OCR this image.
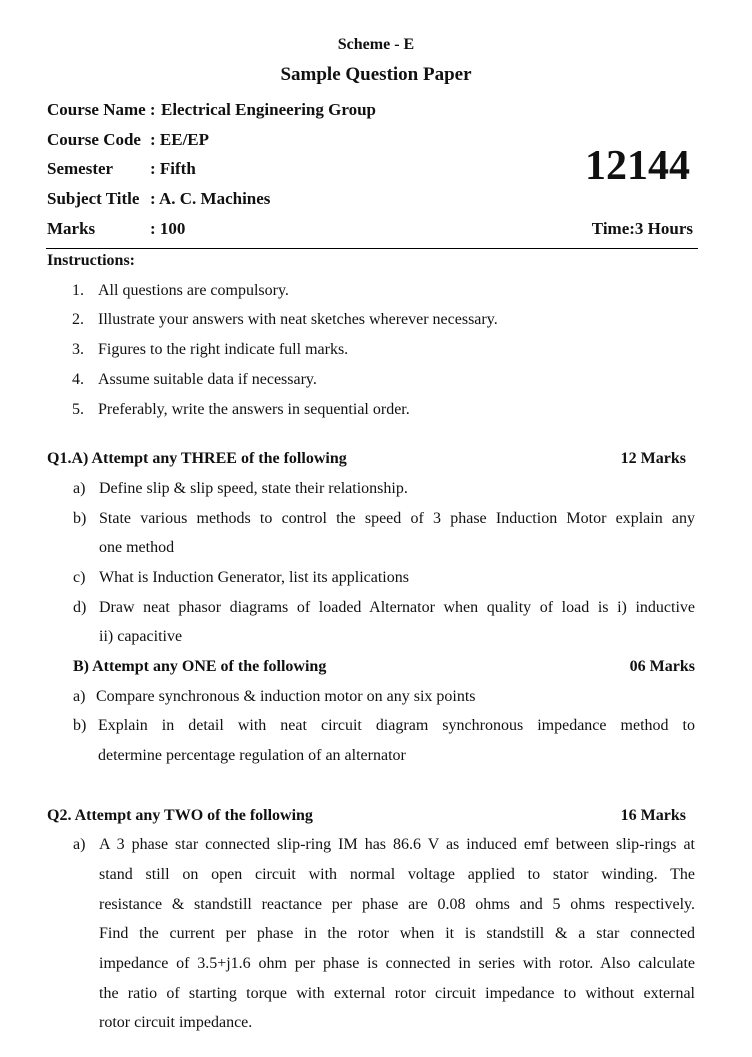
Scheme - E
Sample Question Paper
Course Name : Electrical Engineering Group
Course Code : EE/EP
Semester : Fifth
Subject Title : A. C. Machines
Marks	: 100	Time:3 Hours
12144
Instructions:
1. All questions are compulsory.
2. Illustrate your answers with neat sketches wherever necessary.
3. Figures to the right indicate full marks.
4. Assume suitable data if necessary.
5. Preferably, write the answers in sequential order.
Q1.A) Attempt any THREE of the following	12 Marks
a) Define slip & slip speed, state their relationship.
b) State various methods to control the speed of 3 phase Induction Motor explain any
one method
c) What is Induction Generator, list its applications
d) Draw neat phasor diagrams of loaded Alternator when quality of load is i) inductive
ii) capacitive
B) Attempt any ONE of the following	06 Marks
a) Compare synchronous & induction motor on any six points
b) Explain in detail with neat circuit diagram synchronous impedance method to
determine percentage regulation of an alternator
Q2. Attempt any TWO of the following	16 Marks
a) A 3 phase star connected slip-ring IM has 86.6 V as induced emf between slip-rings at
stand still on open circuit with normal voltage applied to stator winding. The
resistance & standstill reactance per phase are 0.08 ohms and 5 ohms respectively.
Find the current per phase in the rotor when it is standstill & a star connected
impedance of 3.5+j1.6 ohm per phase is connected in series with rotor. Also calculate
the ratio of starting torque with external rotor circuit impedance to without external
rotor circuit impedance.
